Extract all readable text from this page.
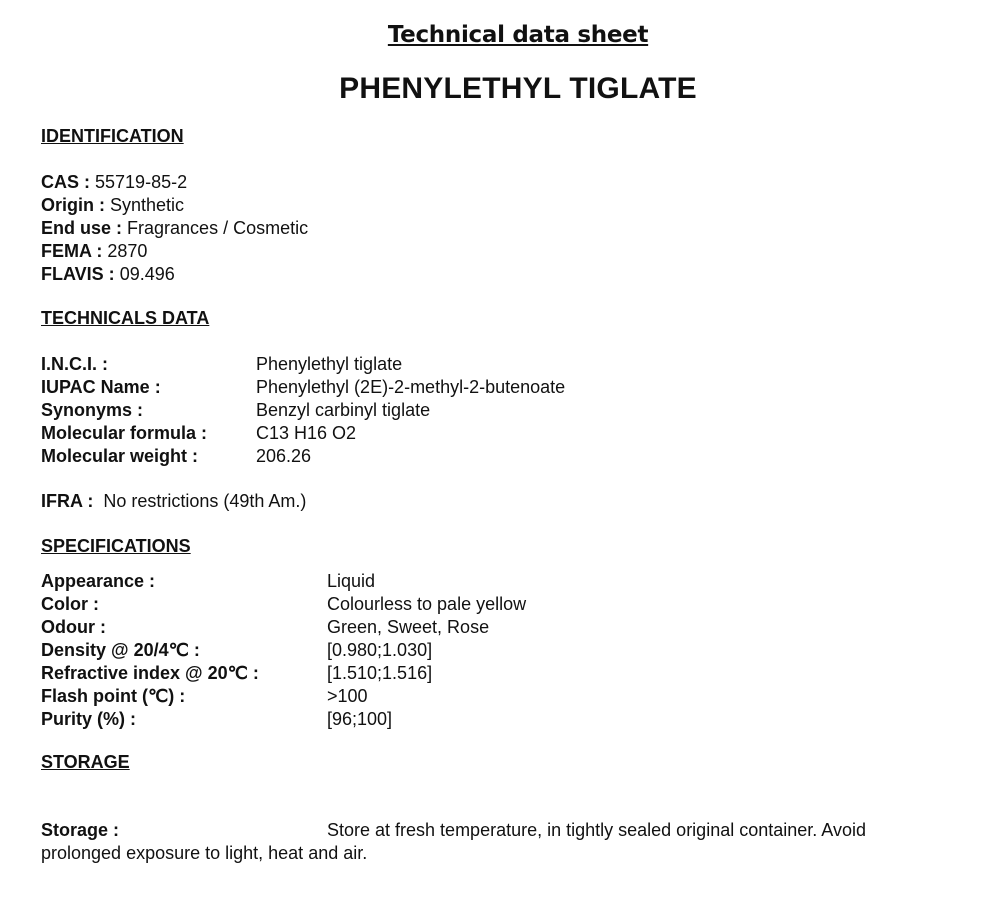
Technical data sheet
PHENYLETHYL TIGLATE
IDENTIFICATION
CAS : 55719-85-2
Origin : Synthetic
End use : Fragrances / Cosmetic
FEMA : 2870
FLAVIS : 09.496
TECHNICALS DATA
I.N.C.I. :	Phenylethyl tiglate
IUPAC Name :	Phenylethyl (2E)-2-methyl-2-butenoate
Synonyms :	Benzyl carbinyl tiglate
Molecular formula :	C13 H16 O2
Molecular weight :	206.26
IFRA : No restrictions (49th Am.)
SPECIFICATIONS
Appearance :	Liquid
Color :	Colourless to pale yellow
Odour :	Green, Sweet, Rose
Density @ 20/4℃ :	[0.980;1.030]
Refractive index @ 20℃ :	[1.510;1.516]
Flash point (℃) :	>100
Purity (%) :	[96;100]
STORAGE
Storage :	Store at fresh temperature, in tightly sealed original container. Avoid prolonged exposure to light, heat and air.
